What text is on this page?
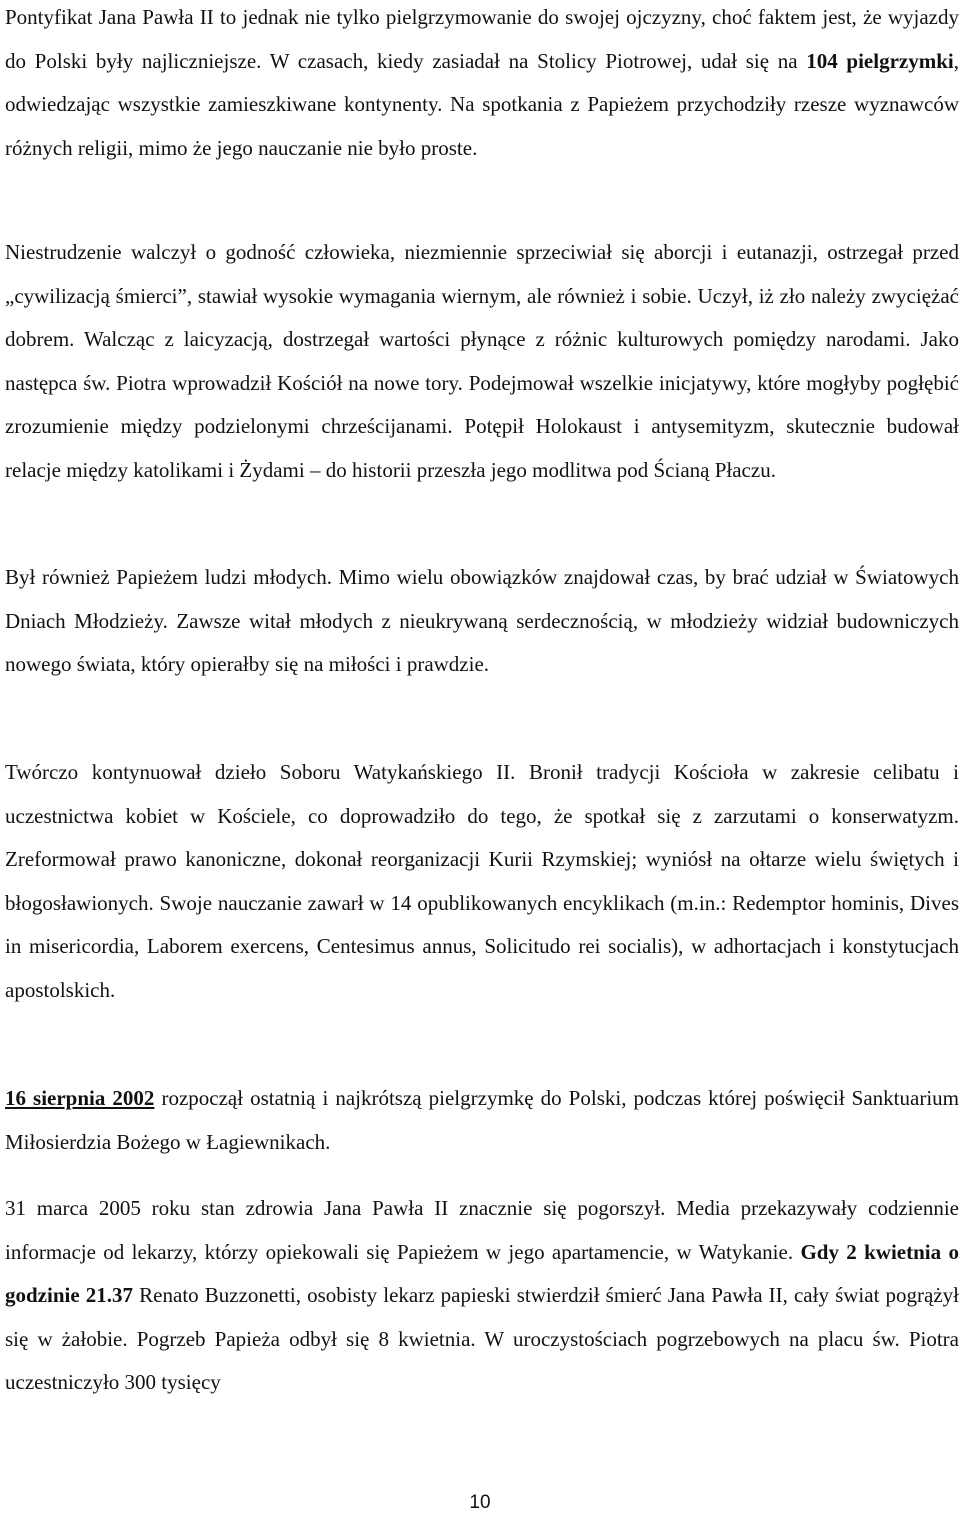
Pontyfikat Jana Pawła II to jednak nie tylko pielgrzymowanie do swojej ojczyzny, choć faktem jest, że wyjazdy do Polski były najliczniejsze. W czasach, kiedy zasiadał na Stolicy Piotrowej, udał się na 104 pielgrzymki, odwiedzając wszystkie zamieszkiwane kontynenty. Na spotkania z Papieżem przychodziły rzesze wyznawców różnych religii, mimo że jego nauczanie nie było proste.

Niestrudzenie walczył o godność człowieka, niezmiennie sprzeciwiał się aborcji i eutanazji, ostrzegał przed „cywilizacją śmierci”, stawiał wysokie wymagania wiernym, ale również i sobie. Uczył, iż zło należy zwyciężać dobrem. Walcząc z laicyzacją, dostrzegał wartości płynące z różnic kulturowych pomiędzy narodami. Jako następca św. Piotra wprowadził Kościół na nowe tory. Podejmował wszelkie inicjatywy, które mogłyby pogłębić zrozumienie między podzielonymi chrześcijanami. Potępił Holokaust i antysemityzm, skutecznie budował relacje między katolikami i Żydami – do historii przeszła jego modlitwa pod Ścianą Płaczu.

Był również Papieżem ludzi młodych. Mimo wielu obowiązków znajdował czas, by brać udział w Światowych Dniach Młodzieży. Zawsze witał młodych z nieukrywaną serdecznością, w młodzieży widział budowniczych nowego świata, który opierałby się na miłości i prawdzie.

Twórczo kontynuował dzieło Soboru Watykańskiego II. Bronił tradycji Kościoła w zakresie celibatu i uczestnictwa kobiet w Kościele, co doprowadziło do tego, że spotkał się z zarzutami o konserwatyzm. Zreformował prawo kanoniczne, dokonał reorganizacji Kurii Rzymskiej; wyniósł na ołtarze wielu świętych i błogosławionych. Swoje nauczanie zawarł w 14 opublikowanych encyklikach (m.in.: Redemptor hominis, Dives in misericordia, Laborem exercens, Centesimus annus, Solicitudo rei socialis), w adhortacjach i konstytucjach apostolskich.

16 sierpnia 2002 rozpoczął ostatnią i najkrótszą pielgrzymkę do Polski, podczas której poświęcił Sanktuarium Miłosierdzia Bożego w Łagiewnikach.

31 marca 2005 roku stan zdrowia Jana Pawła II znacznie się pogorszył. Media przekazywały codziennie informacje od lekarzy, którzy opiekowali się Papieżem w jego apartamencie, w Watykanie. Gdy 2 kwietnia o godzinie 21.37 Renato Buzzonetti, osobisty lekarz papieski stwierdził śmierć Jana Pawła II, cały świat pogrążył się w żałobie. Pogrzeb Papieża odbył się 8 kwietnia. W uroczystościach pogrzebowych na placu św. Piotra uczestniczyło 300 tysięcy

10
